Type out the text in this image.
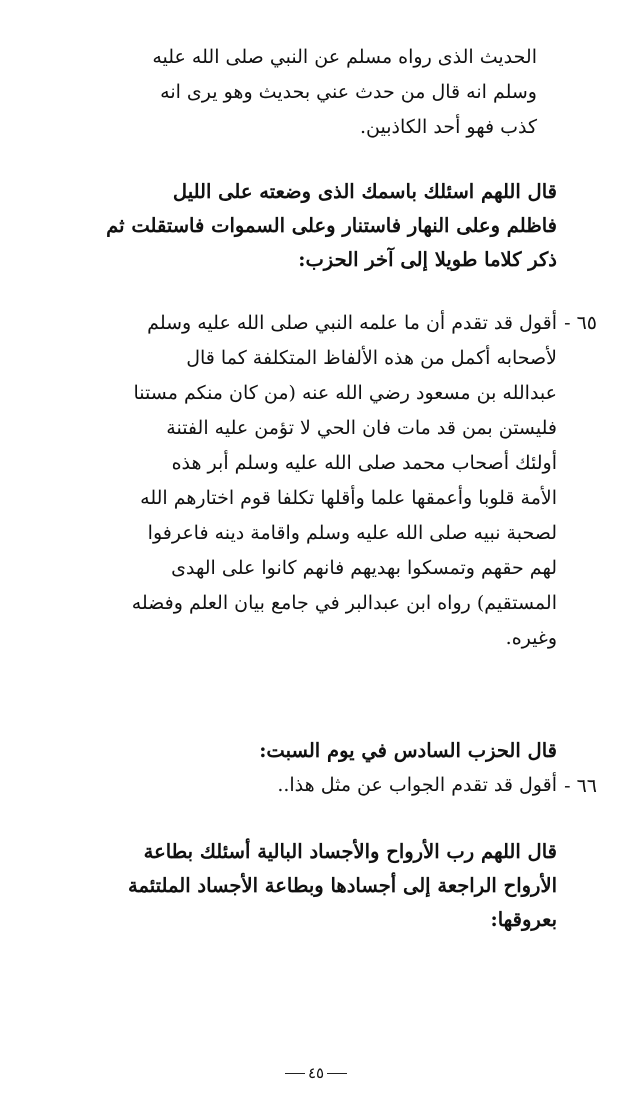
الحديث الذى رواه مسلم عن النبي صلى الله عليه
وسلم انه قال من حدث عني بحديث وهو يرى انه
كذب فهو أحد الكاذبين.
قال اللهم اسئلك باسمك الذى وضعته على الليل
فاظلم وعلى النهار فاستنار وعلى السموات فاستقلت ثم
ذكر كلاما طويلا إلى آخر الحزب:
٦٥ -
أقول قد تقدم أن ما علمه النبي صلى الله عليه وسلم
لأصحابه أكمل من هذه الألفاظ المتكلفة كما قال
عبدالله بن مسعود رضي الله عنه (من كان منكم مستنا
فليستن بمن قد مات فان الحي لا تؤمن عليه الفتنة
أولئك أصحاب محمد صلى الله عليه وسلم أبر هذه
الأمة قلوبا وأعمقها علما وأقلها تكلفا قوم اختارهم الله
لصحبة نبيه صلى الله عليه وسلم واقامة دينه فاعرفوا
لهم حقهم وتمسكوا بهديهم فانهم كانوا على الهدى
المستقيم) رواه ابن عبدالبر في جامع بيان العلم وفضله
وغيره.
قال الحزب السادس في يوم السبت:
٦٦ -
أقول قد تقدم الجواب عن مثل هذا..
قال اللهم رب الأرواح والأجساد البالية أسئلك بطاعة
الأرواح الراجعة إلى أجسادها وبطاعة الأجساد الملتئمة
بعروقها:
٤٥
